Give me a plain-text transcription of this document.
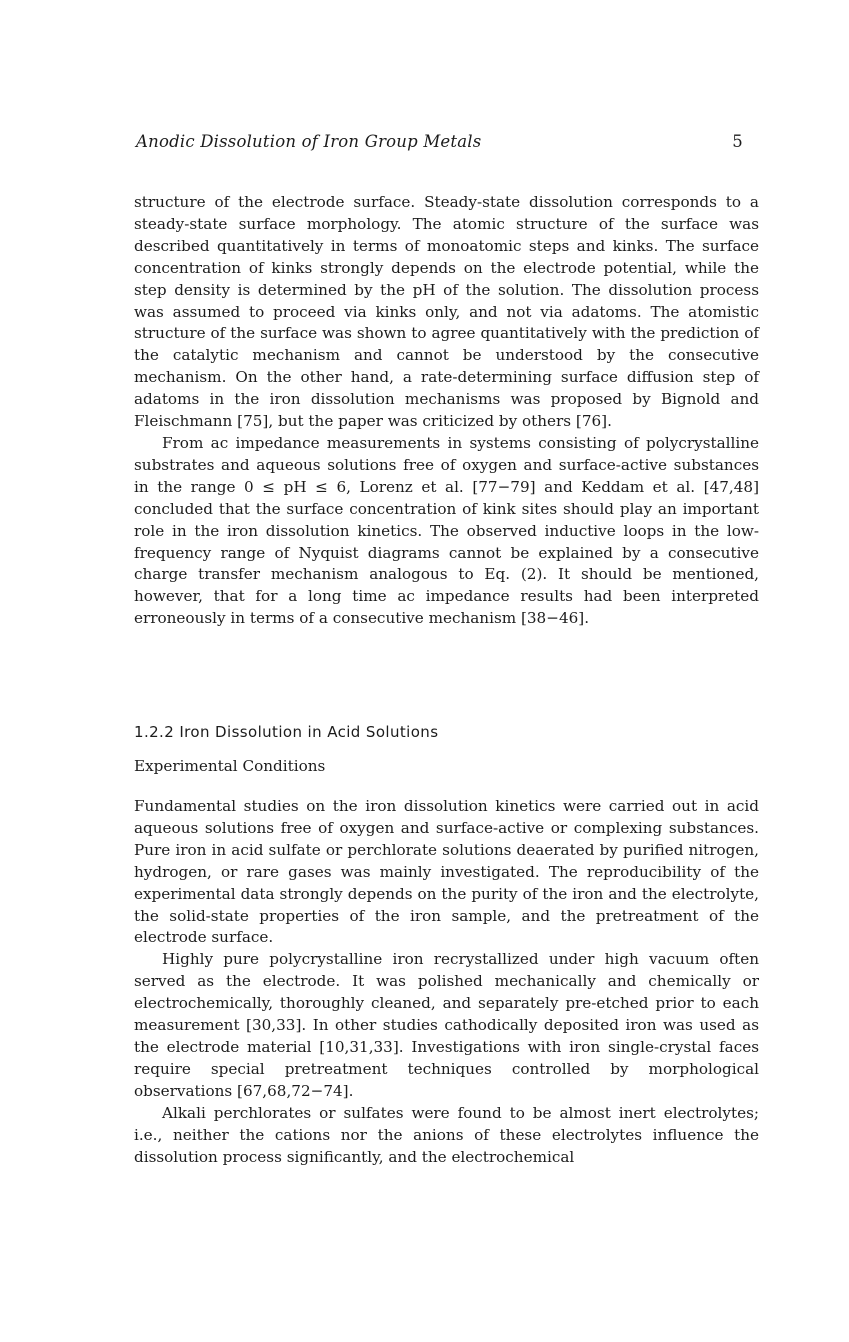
Anodic Dissolution of Iron Group Metals	5

structure of the electrode surface. Steady-state dissolution corresponds to a steady-state surface morphology. The atomic structure of the surface was described quantitatively in terms of monoatomic steps and kinks. The surface concentration of kinks strongly depends on the electrode potential, while the step density is determined by the pH of the solution. The dissolution process was assumed to proceed via kinks only, and not via adatoms. The atomistic structure of the surface was shown to agree quantitatively with the prediction of the catalytic mechanism and cannot be understood by the consecutive mechanism. On the other hand, a rate-determining surface diffusion step of adatoms in the iron dissolution mechanisms was proposed by Bignold and Fleischmann [75], but the paper was criticized by others [76].

From ac impedance measurements in systems consisting of polycrystalline substrates and aqueous solutions free of oxygen and surface-active substances in the range 0 ≤ pH ≤ 6, Lorenz et al. [77−79] and Keddam et al. [47,48] concluded that the surface concentration of kink sites should play an important role in the iron dissolution kinetics. The observed inductive loops in the low-frequency range of Nyquist diagrams cannot be explained by a consecutive charge transfer mechanism analogous to Eq. (2). It should be mentioned, however, that for a long time ac impedance results had been interpreted erroneously in terms of a consecutive mechanism [38−46].

1.2.2 Iron Dissolution in Acid Solutions
Experimental Conditions

Fundamental studies on the iron dissolution kinetics were carried out in acid aqueous solutions free of oxygen and surface-active or complexing substances. Pure iron in acid sulfate or perchlorate solutions deaerated by purified nitrogen, hydrogen, or rare gases was mainly investigated. The reproducibility of the experimental data strongly depends on the purity of the iron and the electrolyte, the solid-state properties of the iron sample, and the pretreatment of the electrode surface.

Highly pure polycrystalline iron recrystallized under high vacuum often served as the electrode. It was polished mechanically and chemically or electrochemically, thoroughly cleaned, and separately pre-etched prior to each measurement [30,33]. In other studies cathodically deposited iron was used as the electrode material [10,31,33]. Investigations with iron single-crystal faces require special pretreatment techniques controlled by morphological observations [67,68,72−74].

Alkali perchlorates or sulfates were found to be almost inert electrolytes; i.e., neither the cations nor the anions of these electrolytes influence the dissolution process significantly, and the electrochemical
